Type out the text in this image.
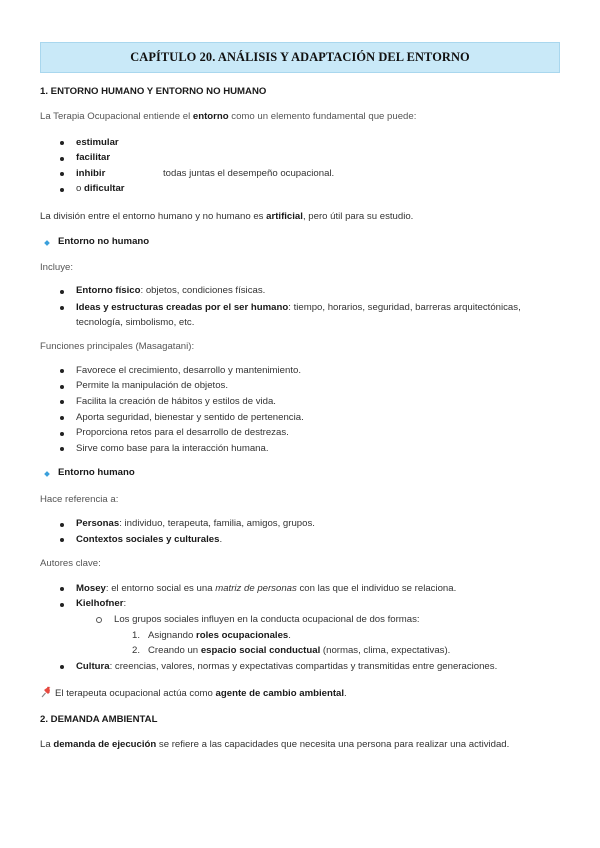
CAPÍTULO 20. ANÁLISIS Y ADAPTACIÓN DEL ENTORNO

1. ENTORNO HUMANO Y ENTORNO NO HUMANO

La Terapia Ocupacional entiende el entorno como un elemento fundamental que puede:

estimular
facilitar
inhibir
o dificultar
todas juntas el desempeño ocupacional.

La división entre el entorno humano y no humano es artificial, pero útil para su estudio.

Entorno no humano

Incluye:

Entorno físico: objetos, condiciones físicas.
Ideas y estructuras creadas por el ser humano: tiempo, horarios, seguridad, barreras arquitectónicas,
tecnología, simbolismo, etc.

Funciones principales (Masagatani):

Favorece el crecimiento, desarrollo y mantenimiento.
Permite la manipulación de objetos.
Facilita la creación de hábitos y estilos de vida.
Aporta seguridad, bienestar y sentido de pertenencia.
Proporciona retos para el desarrollo de destrezas.
Sirve como base para la interacción humana.
Entorno humano

Hace referencia a:

Personas: individuo, terapeuta, familia, amigos, grupos.
Contextos sociales y culturales.

Autores clave:

Mosey: el entorno social es una matriz de personas con las que el individuo se relaciona.
Kielhofner:
Los grupos sociales influyen en la conducta ocupacional de dos formas:
1. Asignando roles ocupacionales.
2. Creando un espacio social conductual (normas, clima, expectativas).
Cultura: creencias, valores, normas y expectativas compartidas y transmitidas entre generaciones.

El terapeuta ocupacional actúa como agente de cambio ambiental.

2. DEMANDA AMBIENTAL

La demanda de ejecución se refiere a las capacidades que necesita una persona para realizar una actividad.
